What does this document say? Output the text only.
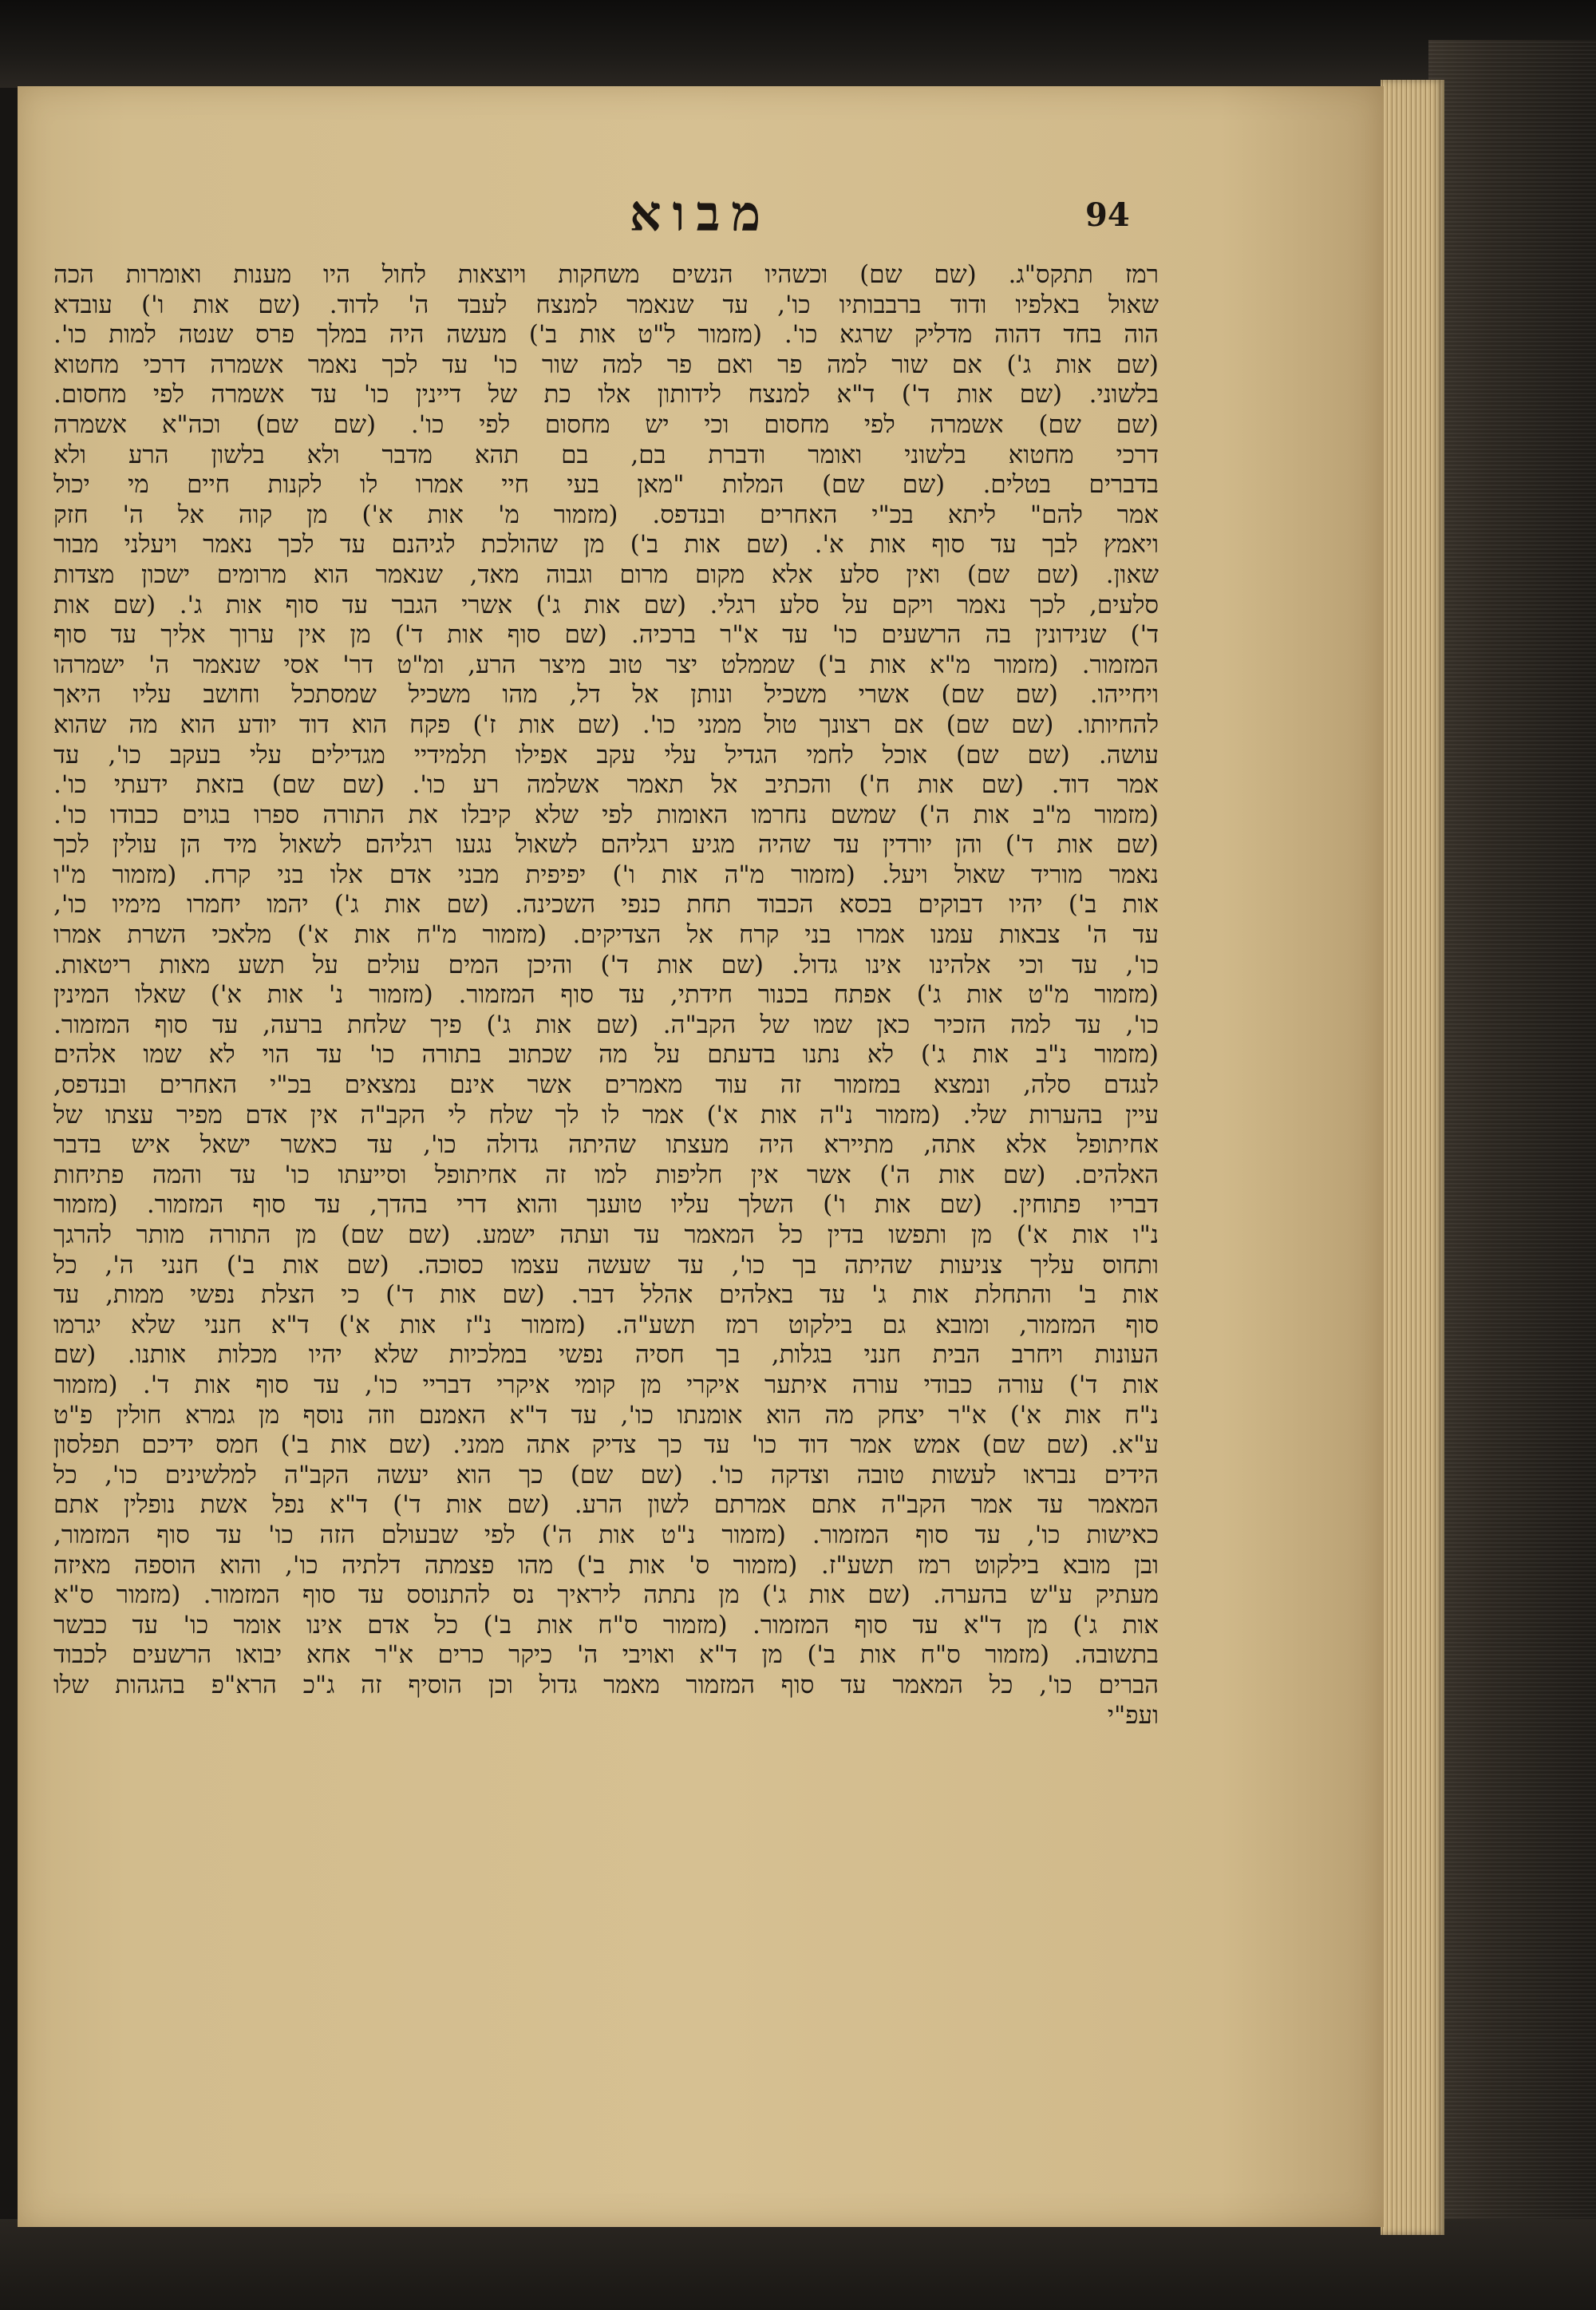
מבוא	94
רמז תתקס"ג. (שם שם) וכשהיו הנשים משחקות ויוצאות לחול היו מענות ואומרות הכה
שאול באלפיו ודוד ברבבותיו כו', עד שנאמר למנצח לעבד ה' לדוד. (שם אות ו') עובדא
הוה בחד דהוה מדליק שרגא כו'. (מזמור ל"ט אות ב') מעשה היה במלך פרס שנטה למות כו'.
(שם אות ג') אם שור למה פר ואם פר למה שור כו' עד לכך נאמר אשמרה דרכי מחטוא
בלשוני. (שם אות ד') ד"א למנצח לידותון אלו כת של דיינין כו' עד אשמרה לפי מחסום.
(שם שם) אשמרה לפי מחסום וכי יש מחסום לפי כו'. (שם שם) וכה"א אשמרה
דרכי מחטוא בלשוני ואומר ודברת בם, בם תהא מדבר ולא בלשון הרע ולא
בדברים בטלים. (שם שם) המלות "מאן בעי חיי אמרו לו לקנות חיים מי יכול
אמר להם" ליתא בכ"י האחרים ובנדפס. (מזמור מ' אות א') מן קוה אל ה' חזק
ויאמץ לבך עד סוף אות א'. (שם אות ב') מן שהולכת לגיהנם עד לכך נאמר ויעלני מבור
שאון. (שם שם) ואין סלע אלא מקום מרום וגבוה מאד, שנאמר הוא מרומים ישכון מצדות
סלעים, לכך נאמר ויקם על סלע רגלי. (שם אות ג') אשרי הגבר עד סוף אות ג'. (שם אות
ד') שנידונין בה הרשעים כו' עד א"ר ברכיה. (שם סוף אות ד') מן אין ערוך אליך עד סוף
המזמור. (מזמור מ"א אות ב') שממלט יצר טוב מיצר הרע, ומ"ט דר' אסי שנאמר ה' ישמרהו
ויחייהו. (שם שם) אשרי משכיל ונותן אל דל, מהו משכיל שמסתכל וחושב עליו היאך
להחיותו. (שם שם) אם רצונך טול ממני כו'. (שם אות ז') פקח הוא דוד יודע הוא מה שהוא
עושה. (שם שם) אוכל לחמי הגדיל עלי עקב אפילו תלמידיי מגדילים עלי בעקב כו', עד
אמר דוד. (שם אות ח') והכתיב אל תאמר אשלמה רע כו'. (שם שם) בזאת ידעתי כו'.
(מזמור מ"ב אות ה') שמשם נחרמו האומות לפי שלא קיבלו את התורה ספרו בגוים כבודו כו'.
(שם אות ד') והן יורדין עד שהיה מגיע רגליהם לשאול נגעו רגליהם לשאול מיד הן עולין לכך
נאמר מוריד שאול ויעל. (מזמור מ"ה אות ו') יפיפית מבני אדם אלו בני קרח. (מזמור מ"ו
אות ב') יהיו דבוקים בכסא הכבוד תחת כנפי השכינה. (שם אות ג') יהמו יחמרו מימיו כו',
עד ה' צבאות עמנו אמרו בני קרח אל הצדיקים. (מזמור מ"ח אות א') מלאכי השרת אמרו
כו', עד וכי אלהינו אינו גדול. (שם אות ד') והיכן המים עולים על תשע מאות ריטאות.
(מזמור מ"ט אות ג') אפתח בכנור חידתי, עד סוף המזמור. (מזמור נ' אות א') שאלו המינין
כו', עד למה הזכיר כאן שמו של הקב"ה. (שם אות ג') פיך שלחת ברעה, עד סוף המזמור.
(מזמור נ"ב אות ג') לא נתנו בדעתם על מה שכתוב בתורה כו' עד הוי לא שמו אלהים
לנגדם סלה, ונמצא במזמור זה עוד מאמרים אשר אינם נמצאים בכ"י האחרים ובנדפס,
עיין בהערות שלי. (מזמור נ"ה אות א') אמר לו לך שלח לי הקב"ה אין אדם מפיר עצתו של
אחיתופל אלא אתה, מתיירא היה מעצתו שהיתה גדולה כו', עד כאשר ישאל איש בדבר
האלהים. (שם אות ה') אשר אין חליפות למו זה אחיתופל וסייעתו כו' עד והמה פתיחות
דבריו פתוחין. (שם אות ו') השלך עליו טוענך והוא דרי בהדך, עד סוף המזמור. (מזמור
נ"ו אות א') מן ותפשו בדין כל המאמר עד ועתה ישמע. (שם שם) מן התורה מותר להרגך
ותחוס עליך צניעות שהיתה בך כו', עד שעשה עצמו כסוכה. (שם אות ב') חנני ה', כל
אות ב' והתחלת אות ג' עד באלהים אהלל דבר. (שם אות ד') כי הצלת נפשי ממות, עד
סוף המזמור, ומובא גם בילקוט רמז תשע"ה. (מזמור נ"ז אות א') ד"א חנני שלא יגרמו
העונות ויחרב הבית חנני בגלות, בך חסיה נפשי במלכיות שלא יהיו מכלות אותנו. (שם
אות ד') עורה כבודי עורה איתער איקרי מן קומי איקרי דבריי כו', עד סוף אות ד'. (מזמור
נ"ח אות א') א"ר יצחק מה הוא אומנתו כו', עד ד"א האמנם וזה נוסף מן גמרא חולין פ"ט
ע"א. (שם שם) אמש אמר דוד כו' עד כך צדיק אתה ממני. (שם אות ב') חמס ידיכם תפלסון
הידים נבראו לעשות טובה וצדקה כו'. (שם שם) כך הוא יעשה הקב"ה למלשינים כו', כל
המאמר עד אמר הקב"ה אתם אמרתם לשון הרע. (שם אות ד') ד"א נפל אשת נופלין אתם
כאישות כו', עד סוף המזמור. (מזמור נ"ט אות ה') לפי שבעולם הזה כו' עד סוף המזמור,
ובן מובא בילקוט רמז תשע"ז. (מזמור ס' אות ב') מהו פצמתה דלתיה כו', והוא הוספה מאיזה
מעתיק ע"ש בהערה. (שם אות ג') מן נתתה ליראיך נס להתנוסס עד סוף המזמור. (מזמור ס"א
אות ג') מן ד"א עד סוף המזמור. (מזמור ס"ח אות ב') כל אדם אינו אומר כו' עד כבשר
בתשובה. (מזמור ס"ח אות ב') מן ד"א ואויבי ה' כיקר כרים א"ר אחא יבואו הרשעים לכבוד
הברים כו', כל המאמר עד סוף המזמור מאמר גדול וכן הוסיף זה ג"כ הרא"פ בהגהות שלו
ועפ"י
